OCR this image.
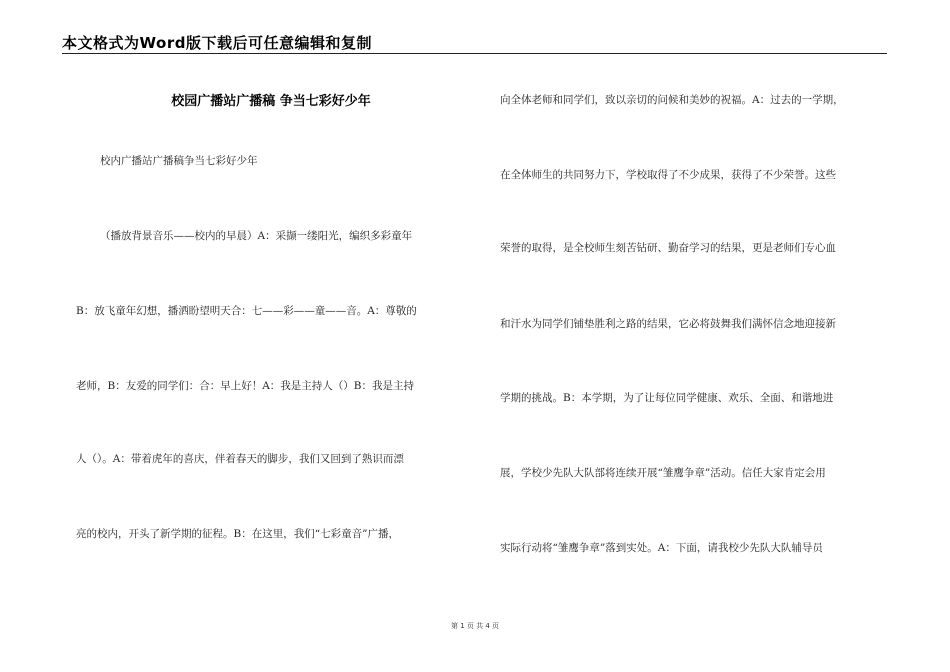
本文格式为Word版下载后可任意编辑和复制
校园广播站广播稿 争当七彩好少年
校内广播站广播稿争当七彩好少年
（播放背景音乐——校内的早晨）A：采撷一缕阳光，编织多彩童年
B：放飞童年幻想，播洒盼望明天合：七——彩——童——音。A：尊敬的
老师，B：友爱的同学们：合：早上好！A：我是主持人（）B：我是主持
人（）。A：带着虎年的喜庆，伴着春天的脚步，我们又回到了熟识而漂
亮的校内，开头了新学期的征程。B：在这里，我们“七彩童音”广播，
向全体老师和同学们，致以亲切的问候和美妙的祝福。A：过去的一学期，
在全体师生的共同努力下，学校取得了不少成果，获得了不少荣誉。这些
荣誉的取得，是全校师生刻苦钻研、勤奋学习的结果，更是老师们专心血
和汗水为同学们铺垫胜利之路的结果，它必将鼓舞我们满怀信念地迎接新
学期的挑战。B：本学期，为了让每位同学健康、欢乐、全面、和谐地进
展，学校少先队大队部将连续开展“雏鹰争章”活动。信任大家肯定会用
实际行动将“雏鹰争章”落到实处。A：下面，请我校少先队大队辅导员
第 1 页 共 4 页
